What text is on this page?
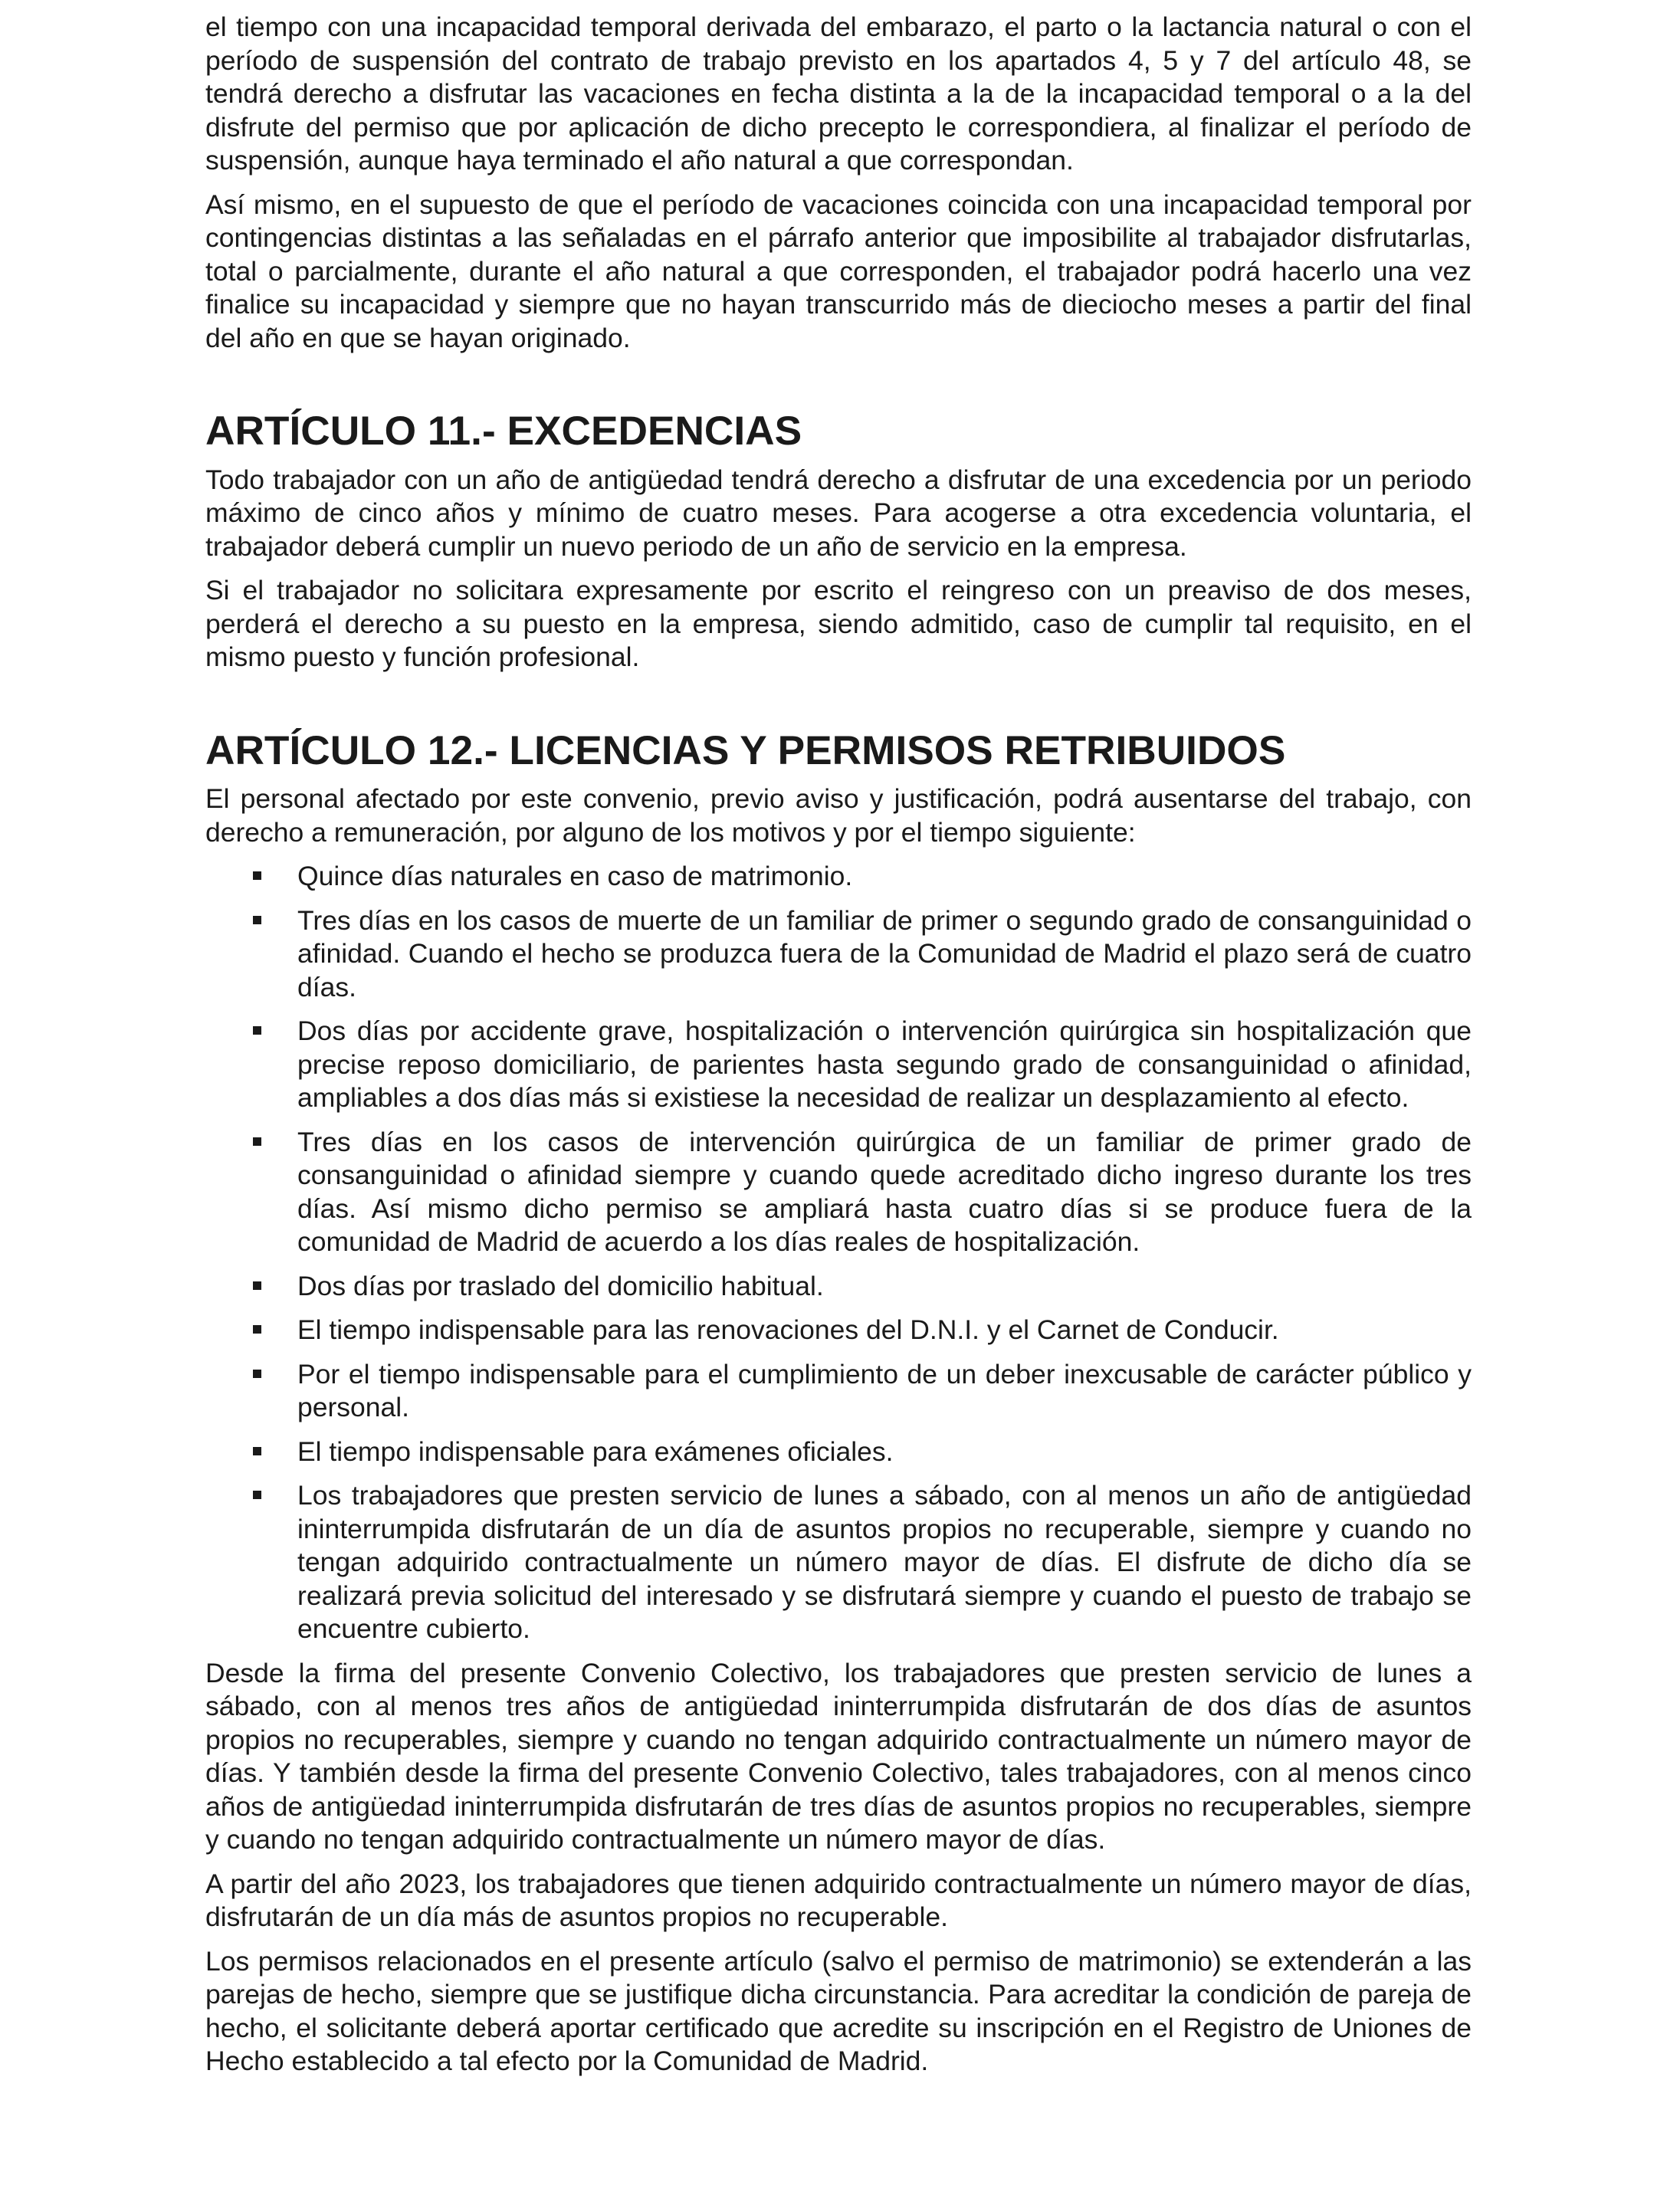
el tiempo con una incapacidad temporal derivada del embarazo, el parto o la lactancia natural o con el período de suspensión del contrato de trabajo previsto en los apartados 4, 5 y 7 del artículo 48, se tendrá derecho a disfrutar las vacaciones en fecha distinta a la de la incapacidad temporal o a la del disfrute del permiso que por aplicación de dicho precepto le correspondiera, al finalizar el período de suspensión, aunque haya terminado el año natural a que correspondan.

Así mismo, en el supuesto de que el período de vacaciones coincida con una incapacidad temporal por contingencias distintas a las señaladas en el párrafo anterior que imposibilite al trabajador disfrutarlas, total o parcialmente, durante el año natural a que corresponden, el trabajador podrá hacerlo una vez finalice su incapacidad y siempre que no hayan transcurrido más de dieciocho meses a partir del final del año en que se hayan originado.

ARTÍCULO 11.- EXCEDENCIAS

Todo trabajador con un año de antigüedad tendrá derecho a disfrutar de una excedencia por un periodo máximo de cinco años y mínimo de cuatro meses. Para acogerse a otra excedencia voluntaria, el trabajador deberá cumplir un nuevo periodo de un año de servicio en la empresa.

Si el trabajador no solicitara expresamente por escrito el reingreso con un preaviso de dos meses, perderá el derecho a su puesto en la empresa, siendo admitido, caso de cumplir tal requisito, en el mismo puesto y función profesional.

ARTÍCULO 12.- LICENCIAS Y PERMISOS RETRIBUIDOS

El personal afectado por este convenio, previo aviso y justificación, podrá ausentarse del trabajo, con derecho a remuneración, por alguno de los motivos y por el tiempo siguiente:

Quince días naturales en caso de matrimonio.
Tres días en los casos de muerte de un familiar de primer o segundo grado de consanguinidad o afinidad. Cuando el hecho se produzca fuera de la Comunidad de Madrid el plazo será de cuatro días.
Dos días por accidente grave, hospitalización o intervención quirúrgica sin hospitalización que precise reposo domiciliario, de parientes hasta segundo grado de consanguinidad o afinidad, ampliables a dos días más si existiese la necesidad de realizar un desplazamiento al efecto.
Tres días en los casos de intervención quirúrgica de un familiar de primer grado de consanguinidad o afinidad siempre y cuando quede acreditado dicho ingreso durante los tres días. Así mismo dicho permiso se ampliará hasta cuatro días si se produce fuera de la comunidad de Madrid de acuerdo a los días reales de hospitalización.
Dos días por traslado del domicilio habitual.
El tiempo indispensable para las renovaciones del D.N.I. y el Carnet de Conducir.
Por el tiempo indispensable para el cumplimiento de un deber inexcusable de carácter público y personal.
El tiempo indispensable para exámenes oficiales.
Los trabajadores que presten servicio de lunes a sábado, con al menos un año de antigüedad ininterrumpida disfrutarán de un día de asuntos propios no recuperable, siempre y cuando no tengan adquirido contractualmente un número mayor de días. El disfrute de dicho día se realizará previa solicitud del interesado y se disfrutará siempre y cuando el puesto de trabajo se encuentre cubierto.

Desde la firma del presente Convenio Colectivo, los trabajadores que presten servicio de lunes a sábado, con al menos tres años de antigüedad ininterrumpida disfrutarán de dos días de asuntos propios no recuperables, siempre y cuando no tengan adquirido contractualmente un número mayor de días. Y también desde la firma del presente Convenio Colectivo, tales trabajadores, con al menos cinco años de antigüedad ininterrumpida disfrutarán de tres días de asuntos propios no recuperables, siempre y cuando no tengan adquirido contractualmente un número mayor de días.

A partir del año 2023, los trabajadores que tienen adquirido contractualmente un número mayor de días, disfrutarán de un día más de asuntos propios no recuperable.

Los permisos relacionados en el presente artículo (salvo el permiso de matrimonio) se extenderán a las parejas de hecho, siempre que se justifique dicha circunstancia. Para acreditar la condición de pareja de hecho, el solicitante deberá aportar certificado que acredite su inscripción en el Registro de Uniones de Hecho establecido a tal efecto por la Comunidad de Madrid.
